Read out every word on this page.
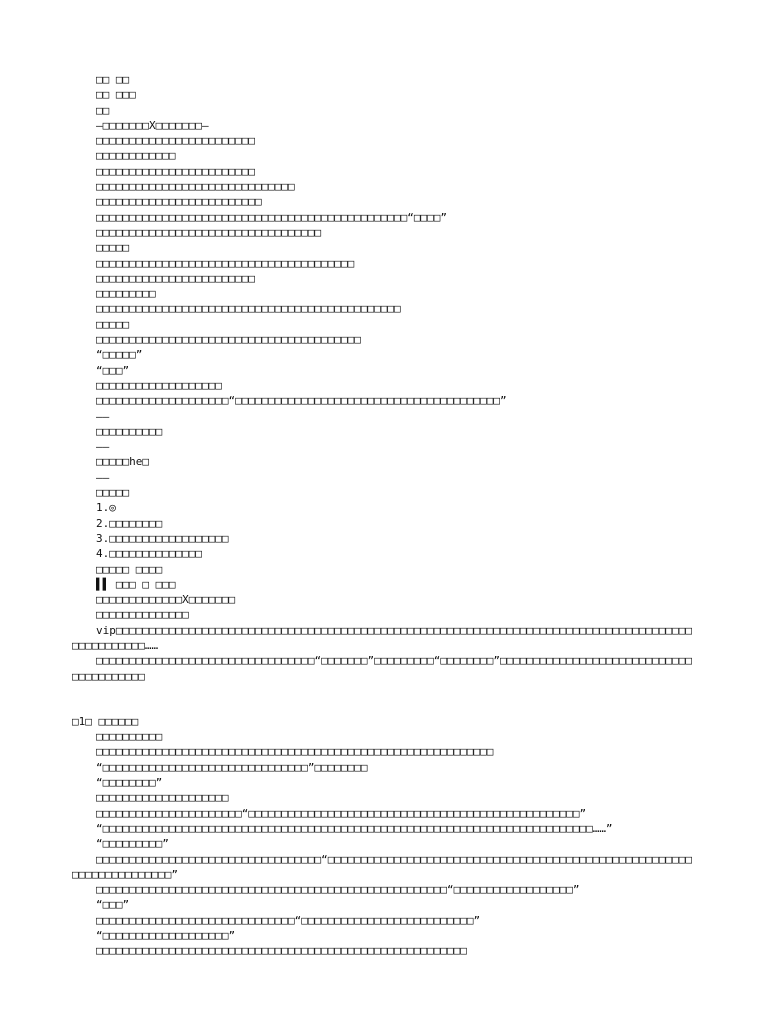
□□ □□
□□ □□□
□□
—□□□□□□□X□□□□□□□—
□□□□□□□□□□□□□□□□□□□□□□□□
□□□□□□□□□□□□
□□□□□□□□□□□□□□□□□□□□□□□□
□□□□□□□□□□□□□□□□□□□□□□□□□□□□□□
□□□□□□□□□□□□□□□□□□□□□□□□□
□□□□□□□□□□□□□□□□□□□□□□□□□□□□□□□□□□□□□□□□□□□□□□□“□□□□”
□□□□□□□□□□□□□□□□□□□□□□□□□□□□□□□□□□
□□□□□
□□□□□□□□□□□□□□□□□□□□□□□□□□□□□□□□□□□□□□□
□□□□□□□□□□□□□□□□□□□□□□□□
□□□□□□□□□
□□□□□□□□□□□□□□□□□□□□□□□□□□□□□□□□□□□□□□□□□□□□□□
□□□□□
□□□□□□□□□□□□□□□□□□□□□□□□□□□□□□□□□□□□□□□□
“□□□□□”
“□□□”
□□□□□□□□□□□□□□□□□□□
□□□□□□□□□□□□□□□□□□□□“□□□□□□□□□□□□□□□□□□□□□□□□□□□□□□□□□□□□□□□□”
——
□□□□□□□□□□
——
□□□□□he□
——
□□□□□
1.◎
2.□□□□□□□□
3.□□□□□□□□□□□□□□□□□□
4.□□□□□□□□□□□□□□
□□□□□ □□□□
▌▌ □□□ □ □□□
□□□□□□□□□□□□□X□□□□□□□
□□□□□□□□□□□□□□
vip□□□□□□□□□□□□□□□□□□□□□□□□□□□□□□□□□□□□□□□□□□□□□□□□□□□□□□□□□□□□□□□□□□□□□□□□□□□□□□□□□□□□□□□□□□□□□□□□□□……
□□□□□□□□□□□□□□□□□□□□□□□□□□□□□□□□□“□□□□□□□”□□□□□□□□□“□□□□□□□□”□□□□□□□□□□□□□□□□□□□□□□□□□□□□□□□□□□□□□□□□
□1□ □□□□□□
□□□□□□□□□□
□□□□□□□□□□□□□□□□□□□□□□□□□□□□□□□□□□□□□□□□□□□□□□□□□□□□□□□□□□□□
“□□□□□□□□□□□□□□□□□□□□□□□□□□□□□□□”□□□□□□□□
“□□□□□□□□”
□□□□□□□□□□□□□□□□□□□□
□□□□□□□□□□□□□□□□□□□□□□“□□□□□□□□□□□□□□□□□□□□□□□□□□□□□□□□□□□□□□□□□□□□□□□□□□”
“□□□□□□□□□□□□□□□□□□□□□□□□□□□□□□□□□□□□□□□□□□□□□□□□□□□□□□□□□□□□□□□□□□□□□□□□□□……”
“□□□□□□□□□”
□□□□□□□□□□□□□□□□□□□□□□□□□□□□□□□□□□“□□□□□□□□□□□□□□□□□□□□□□□□□□□□□□□□□□□□□□□□□□□□□□□□□□□□□□□□□□□□□□□□□□□□□□”
□□□□□□□□□□□□□□□□□□□□□□□□□□□□□□□□□□□□□□□□□□□□□□□□□□□□□“□□□□□□□□□□□□□□□□□□”
“□□□”
□□□□□□□□□□□□□□□□□□□□□□□□□□□□□□“□□□□□□□□□□□□□□□□□□□□□□□□□□”
“□□□□□□□□□□□□□□□□□□□”
□□□□□□□□□□□□□□□□□□□□□□□□□□□□□□□□□□□□□□□□□□□□□□□□□□□□□□□□
